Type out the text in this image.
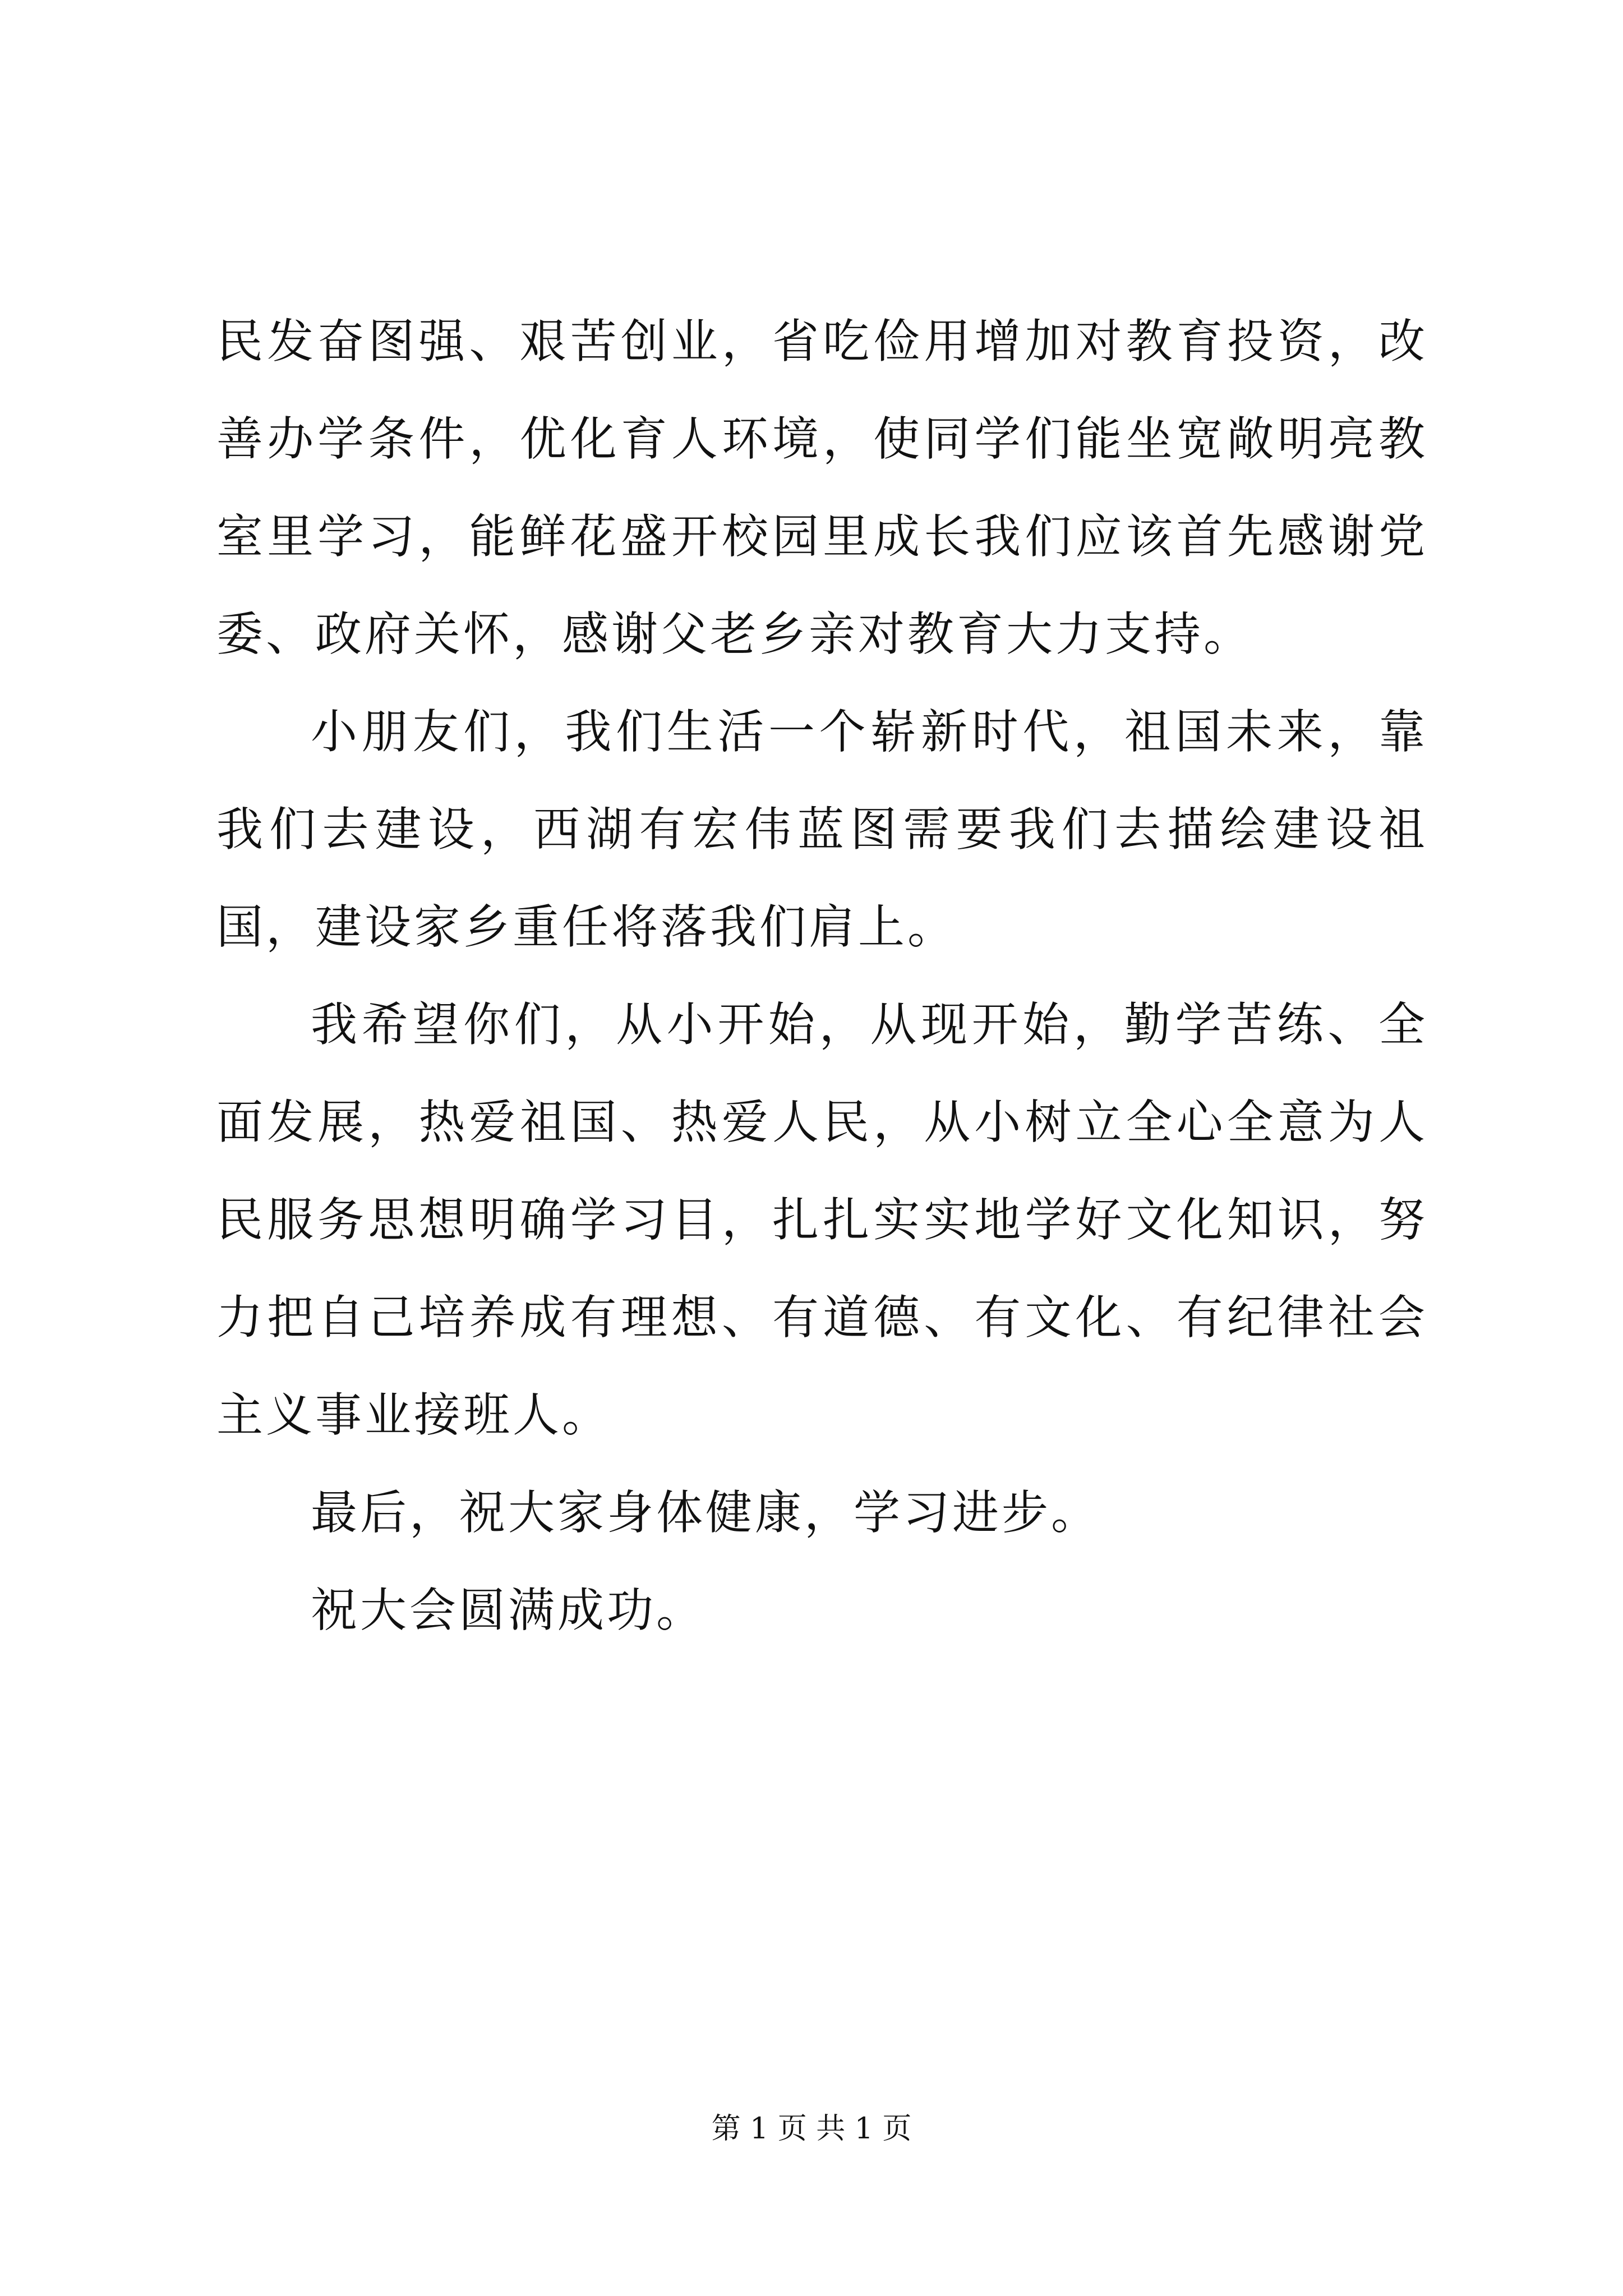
民发奋图强、艰苦创业，省吃俭用增加对教育投资，改善办学条件，优化育人环境，使同学们能坐宽敞明亮教室里学习，能鲜花盛开校园里成长我们应该首先感谢党委、政府关怀，感谢父老乡亲对教育大力支持。

小朋友们，我们生活一个崭新时代，祖国未来，靠我们去建设，西湖有宏伟蓝图需要我们去描绘建设祖国，建设家乡重任将落我们肩上。

我希望你们，从小开始，从现开始，勤学苦练、全面发展，热爱祖国、热爱人民，从小树立全心全意为人民服务思想明确学习目，扎扎实实地学好文化知识，努力把自己培养成有理想、有道德、有文化、有纪律社会主义事业接班人。

最后，祝大家身体健康，学习进步。

祝大会圆满成功。

第 1 页 共 1 页
